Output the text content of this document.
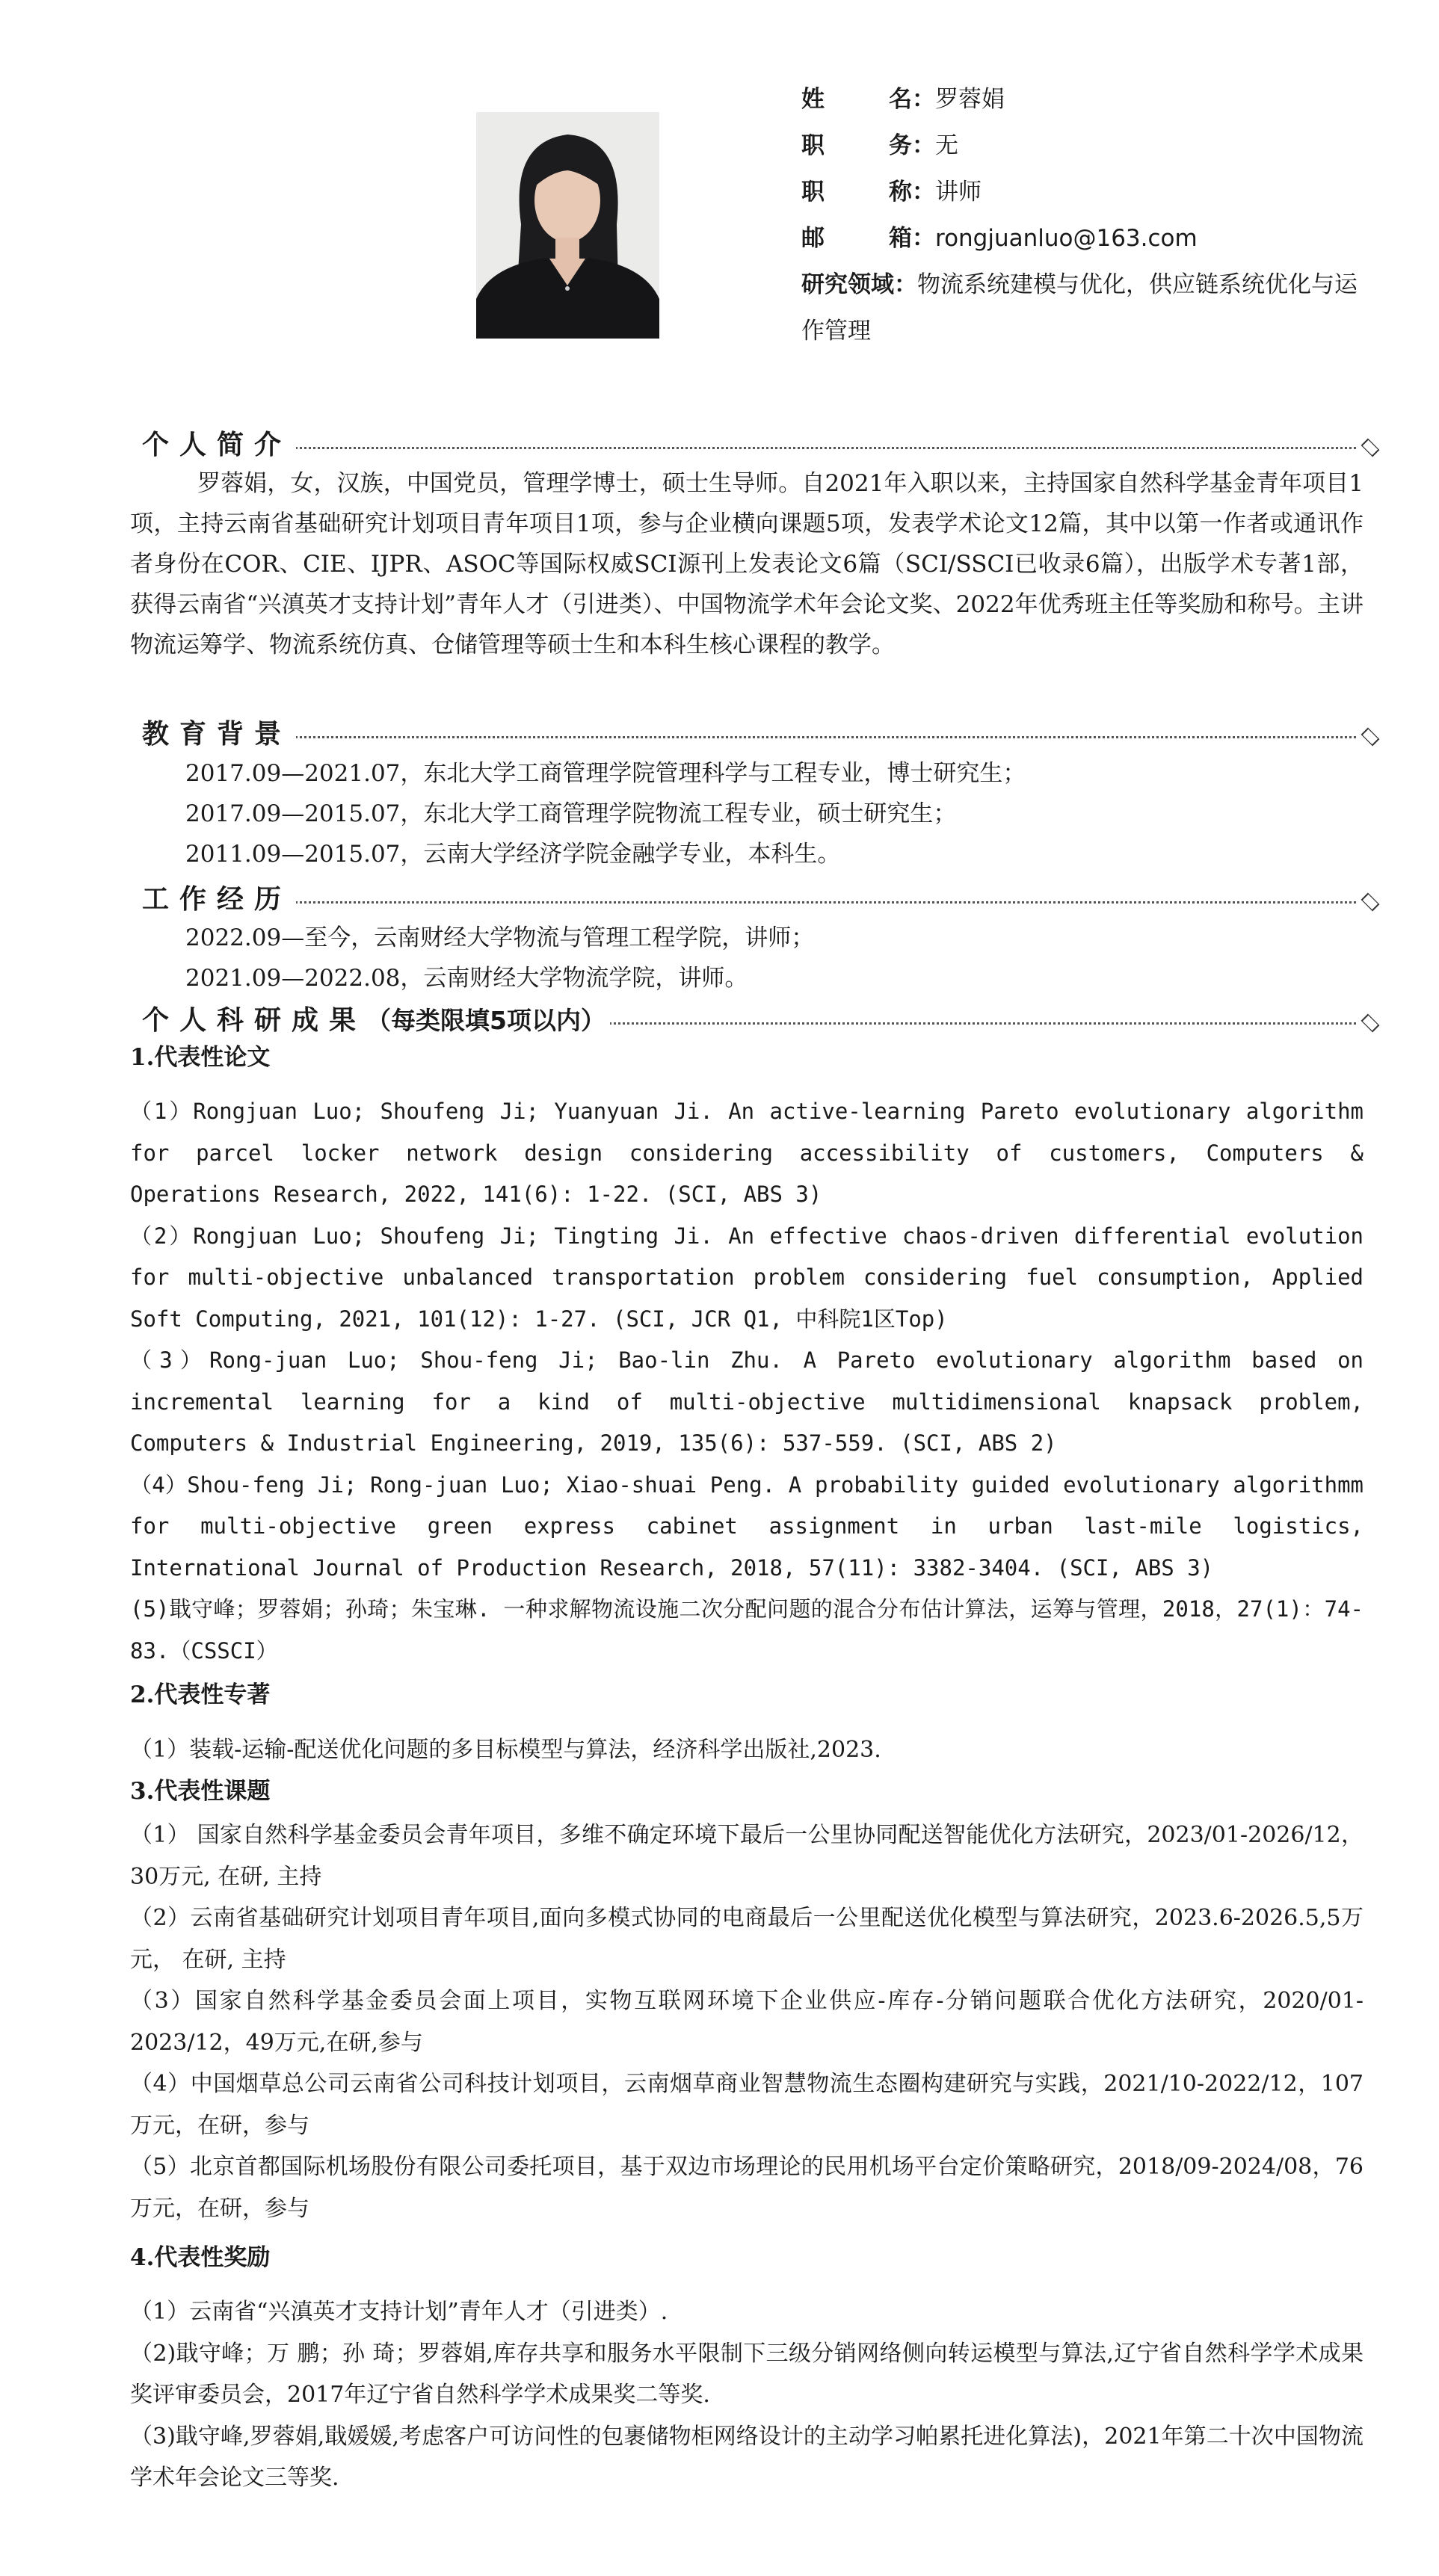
姓	名 ： 罗蓉娟
职	务 ： 无
职	称 ： 讲师
邮	箱 ： rongjuanluo@163.com
研究领域：物流系统建模与优化，供应链系统优化与运作管理
个人简介

罗蓉娟，女，汉族，中国党员，管理学博士，硕士生导师。自2021年入职以来，主持国家自然科学基金青年项目1项，主持云南省基础研究计划项目青年项目1项，参与企业横向课题5项，发表学术论文12篇，其中以第一作者或通讯作者身份在COR、CIE、IJPR、ASOC等国际权威SCI源刊上发表论文6篇（SCI/SSCI已收录6篇），出版学术专著1部，获得云南省“兴滇英才支持计划”青年人才（引进类）、中国物流学术年会论文奖、2022年优秀班主任等奖励和称号。主讲物流运筹学、物流系统仿真、仓储管理等硕士生和本科生核心课程的教学。

教育背景
2017.09—2021.07，东北大学工商管理学院管理科学与工程专业，博士研究生；
2017.09—2015.07，东北大学工商管理学院物流工程专业，硕士研究生；
2011.09—2015.07，云南大学经济学院金融学专业，本科生。
工作经历
2022.09—至今，云南财经大学物流与管理工程学院，讲师；
2021.09—2022.08，云南财经大学物流学院，讲师。
个人科研成果（每类限填5项以内）
1.代表性论文

（1）Rongjuan Luo; Shoufeng Ji; Yuanyuan Ji. An active-learning Pareto evolutionary algorithm for parcel locker network design considering accessibility of customers, Computers & Operations Research, 2022, 141(6): 1-22. (SCI, ABS 3)

（2）Rongjuan Luo; Shoufeng Ji; Tingting Ji. An effective chaos-driven differential evolution for multi-objective unbalanced transportation problem considering fuel consumption, Applied Soft Computing, 2021, 101(12): 1-27. (SCI, JCR Q1, 中科院1区Top)

（3）Rong-juan Luo; Shou-feng Ji; Bao-lin Zhu. A Pareto evolutionary algorithm based on incremental learning for a kind of multi-objective multidimensional knapsack problem, Computers & Industrial Engineering, 2019, 135(6): 537-559. (SCI, ABS 2)

（4）Shou-feng Ji; Rong-juan Luo; Xiao-shuai Peng. A probability guided evolutionary algorithmm for multi-objective green express cabinet assignment in urban last-mile logistics, International Journal of Production Research, 2018, 57(11): 3382-3404. (SCI, ABS 3)

(5)戢守峰；罗蓉娟；孙琦；朱宝琳. 一种求解物流设施二次分配问题的混合分布估计算法，运筹与管理，2018，27(1)：74-83.（CSSCI）

2.代表性专著

（1）装载-运输-配送优化问题的多目标模型与算法，经济科学出版社,2023.

3.代表性课题

（1） 国家自然科学基金委员会青年项目，多维不确定环境下最后一公里协同配送智能优化方法研究，2023/01-2026/12，30万元, 在研, 主持

（2）云南省基础研究计划项目青年项目,面向多模式协同的电商最后一公里配送优化模型与算法研究，2023.6-2026.5,5万元， 在研, 主持

（3）国家自然科学基金委员会面上项目，实物互联网环境下企业供应-库存-分销问题联合优化方法研究，2020/01-2023/12，49万元,在研,参与

（4）中国烟草总公司云南省公司科技计划项目，云南烟草商业智慧物流生态圈构建研究与实践，2021/10-2022/12，107万元，在研，参与

（5）北京首都国际机场股份有限公司委托项目，基于双边市场理论的民用机场平台定价策略研究，2018/09-2024/08，76万元，在研，参与

4.代表性奖励

（1）云南省“兴滇英才支持计划”青年人才（引进类）.

（2)戢守峰；万 鹏；孙 琦；罗蓉娟,库存共享和服务水平限制下三级分销网络侧向转运模型与算法,辽宁省自然科学学术成果奖评审委员会，2017年辽宁省自然科学学术成果奖二等奖.

（3)戢守峰,罗蓉娟,戢媛媛,考虑客户可访问性的包裹储物柜网络设计的主动学习帕累托进化算法)，2021年第二十次中国物流学术年会论文三等奖.
